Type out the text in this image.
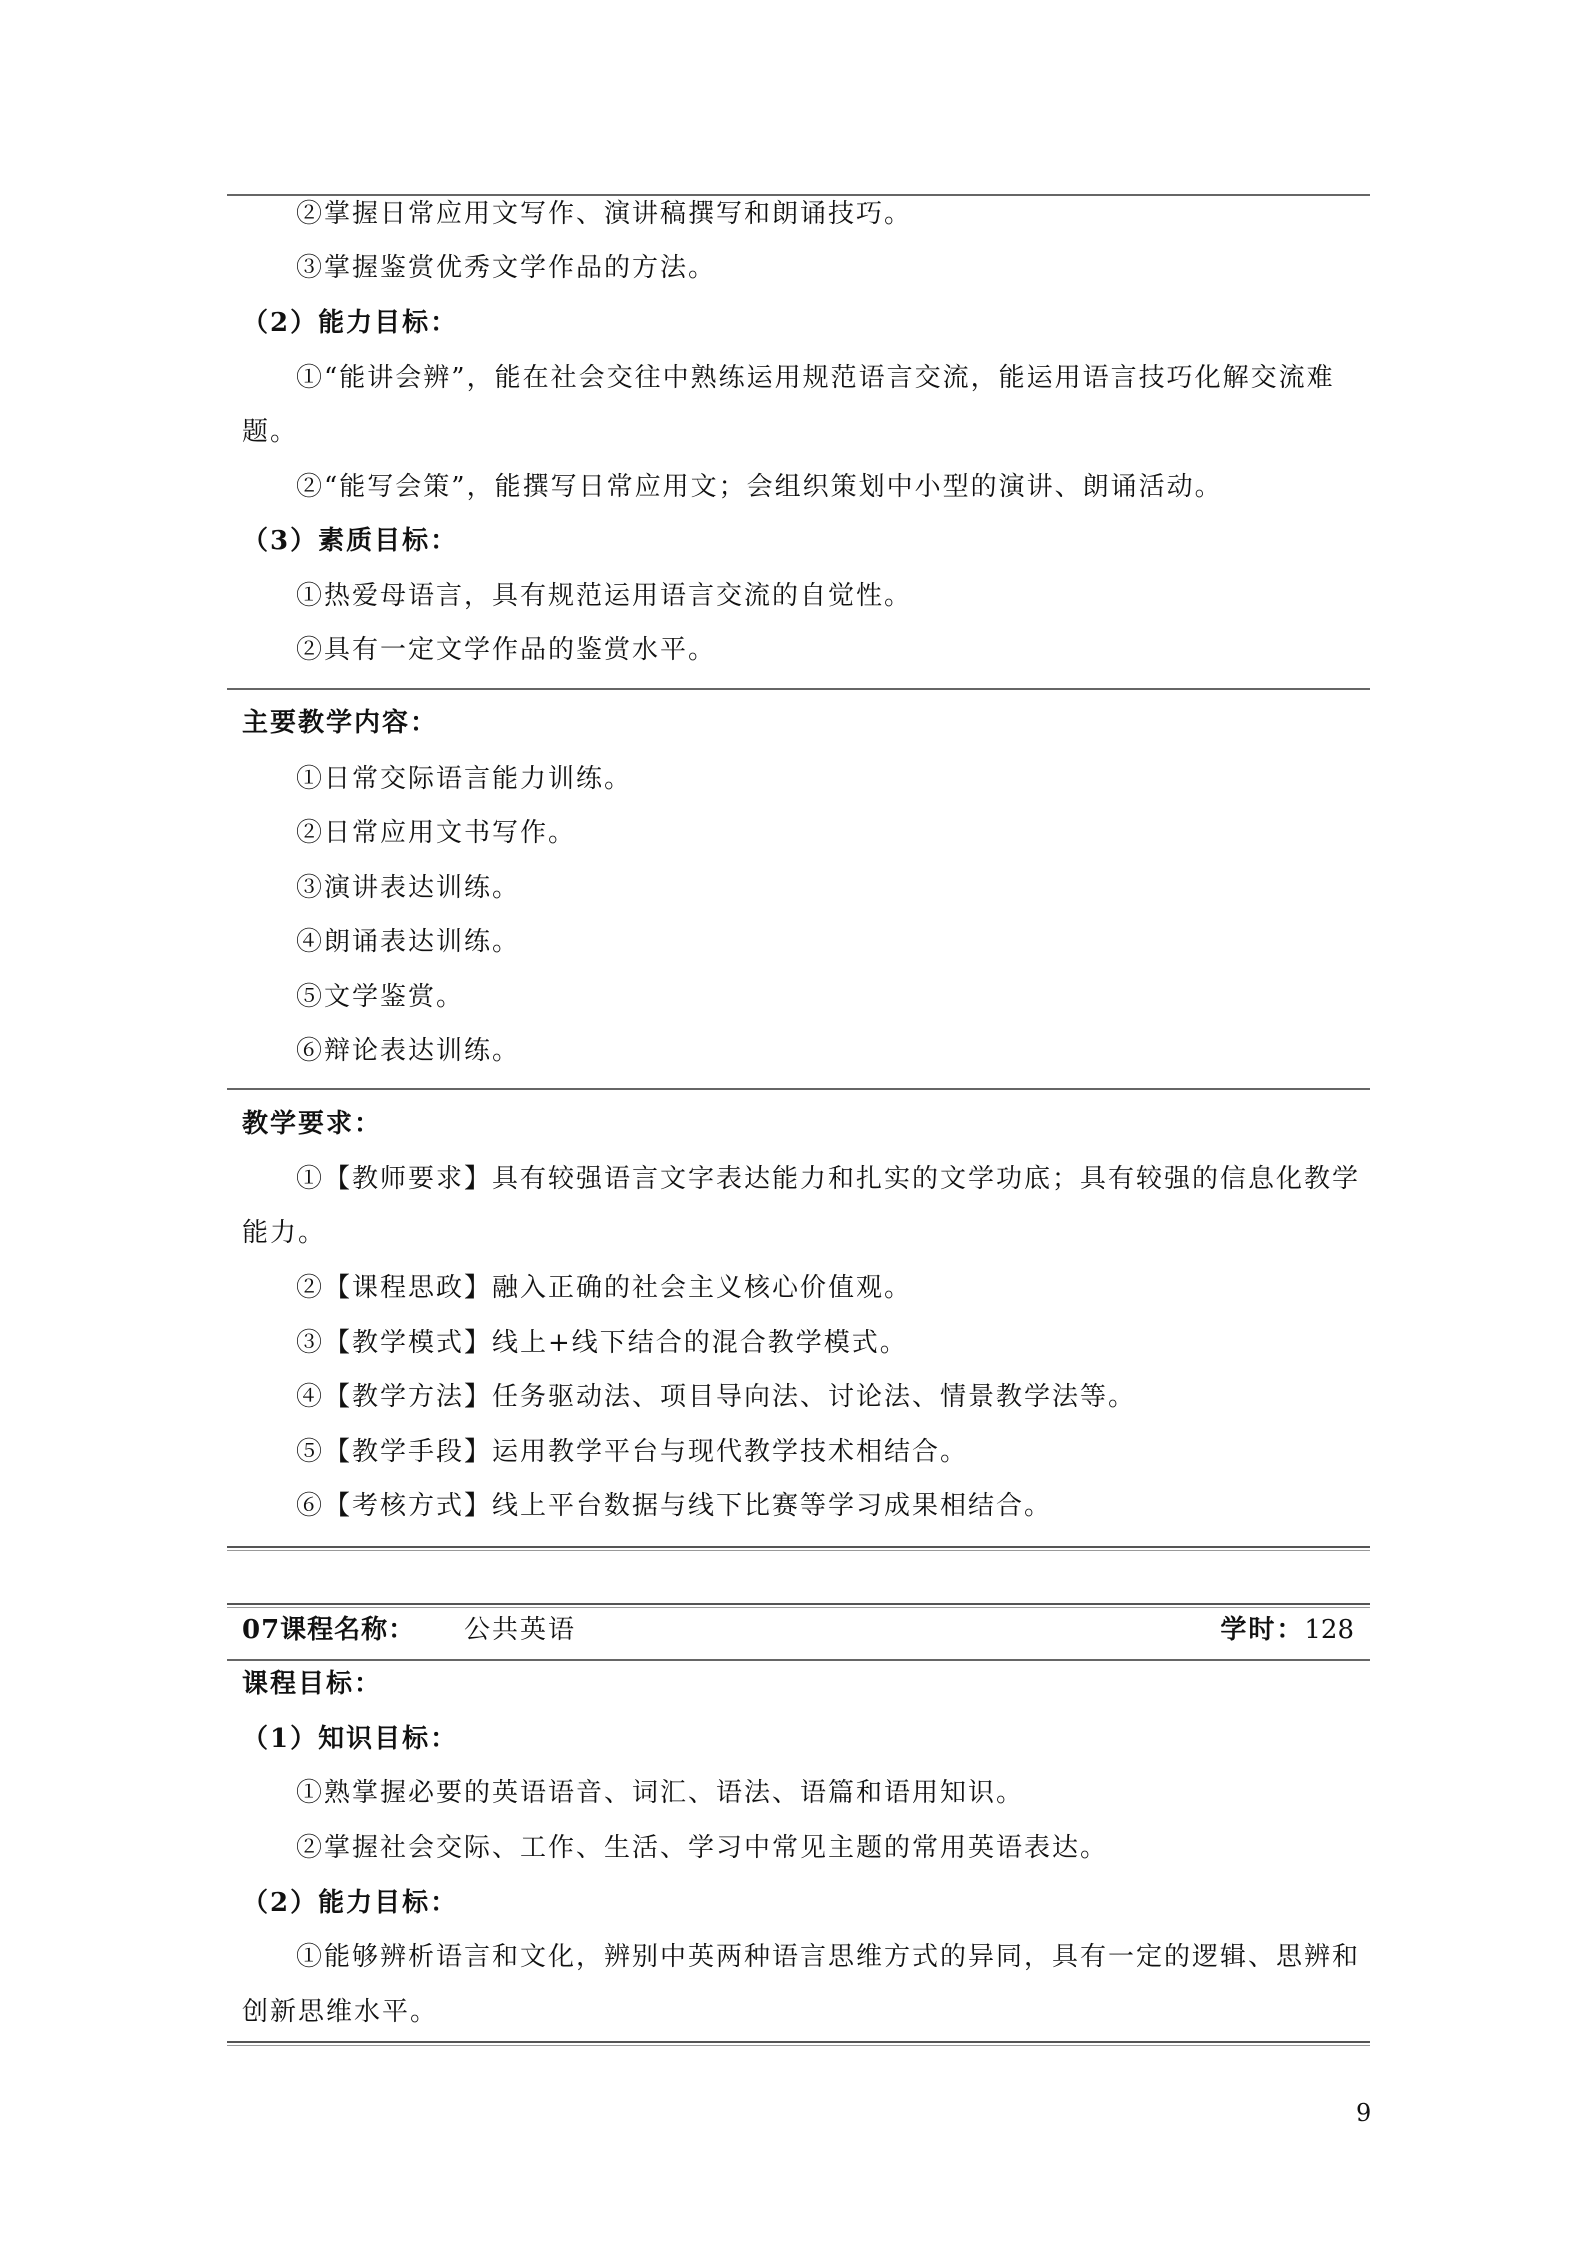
②掌握日常应用文写作、演讲稿撰写和朗诵技巧。
③掌握鉴赏优秀文学作品的方法。
（2）能力目标：
①“能讲会辨”，能在社会交往中熟练运用规范语言交流，能运用语言技巧化解交流难
题。
②“能写会策”，能撰写日常应用文；会组织策划中小型的演讲、朗诵活动。
（3）素质目标：
①热爱母语言，具有规范运用语言交流的自觉性。
②具有一定文学作品的鉴赏水平。
主要教学内容：
①日常交际语言能力训练。
②日常应用文书写作。
③演讲表达训练。
④朗诵表达训练。
⑤文学鉴赏。
⑥辩论表达训练。
教学要求：
①【教师要求】具有较强语言文字表达能力和扎实的文学功底；具有较强的信息化教学
能力。
②【课程思政】融入正确的社会主义核心价值观。
③【教学模式】线上+线下结合的混合教学模式。
④【教学方法】任务驱动法、项目导向法、讨论法、情景教学法等。
⑤【教学手段】运用教学平台与现代教学技术相结合。
⑥【考核方式】线上平台数据与线下比赛等学习成果相结合。
07课程名称： 公共英语	学时：128
课程目标：
（1）知识目标：
①熟掌握必要的英语语音、词汇、语法、语篇和语用知识。
②掌握社会交际、工作、生活、学习中常见主题的常用英语表达。
（2）能力目标：
①能够辨析语言和文化，辨别中英两种语言思维方式的异同，具有一定的逻辑、思辨和
创新思维水平。
9
